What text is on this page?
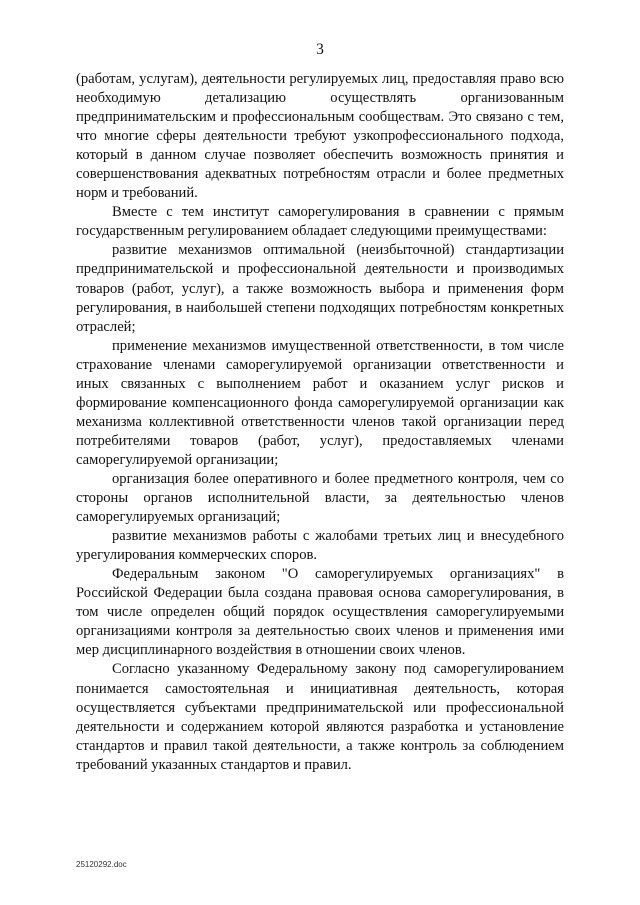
3

(работам, услугам), деятельности регулируемых лиц, предоставляя право всю необходимую детализацию осуществлять организованным предпринимательским и профессиональным сообществам. Это связано с тем, что многие сферы деятельности требуют узкопрофессионального подхода, который в данном случае позволяет обеспечить возможность принятия и совершенствования адекватных потребностям отрасли и более предметных норм и требований.

Вместе с тем институт саморегулирования в сравнении с прямым государственным регулированием обладает следующими преимуществами:

развитие механизмов оптимальной (неизбыточной) стандартизации предпринимательской и профессиональной деятельности и производимых товаров (работ, услуг), а также возможность выбора и применения форм регулирования, в наибольшей степени подходящих потребностям конкретных отраслей;

применение механизмов имущественной ответственности, в том числе страхование членами саморегулируемой организации ответственности и иных связанных с выполнением работ и оказанием услуг рисков и формирование компенсационного фонда саморегулируемой организации как механизма коллективной ответственности членов такой организации перед потребителями товаров (работ, услуг), предоставляемых членами саморегулируемой организации;

организация более оперативного и более предметного контроля, чем со стороны органов исполнительной власти, за деятельностью членов саморегулируемых организаций;

развитие механизмов работы с жалобами третьих лиц и внесудебного урегулирования коммерческих споров.

Федеральным законом "О саморегулируемых организациях" в Российской Федерации была создана правовая основа саморегулирования, в том числе определен общий порядок осуществления саморегулируемыми организациями контроля за деятельностью своих членов и применения ими мер дисциплинарного воздействия в отношении своих членов.

Согласно указанному Федеральному закону под саморегулированием понимается самостоятельная и инициативная деятельность, которая осуществляется субъектами предпринимательской или профессиональной деятельности и содержанием которой являются разработка и установление стандартов и правил такой деятельности, а также контроль за соблюдением требований указанных стандартов и правил.

25120292.doc
